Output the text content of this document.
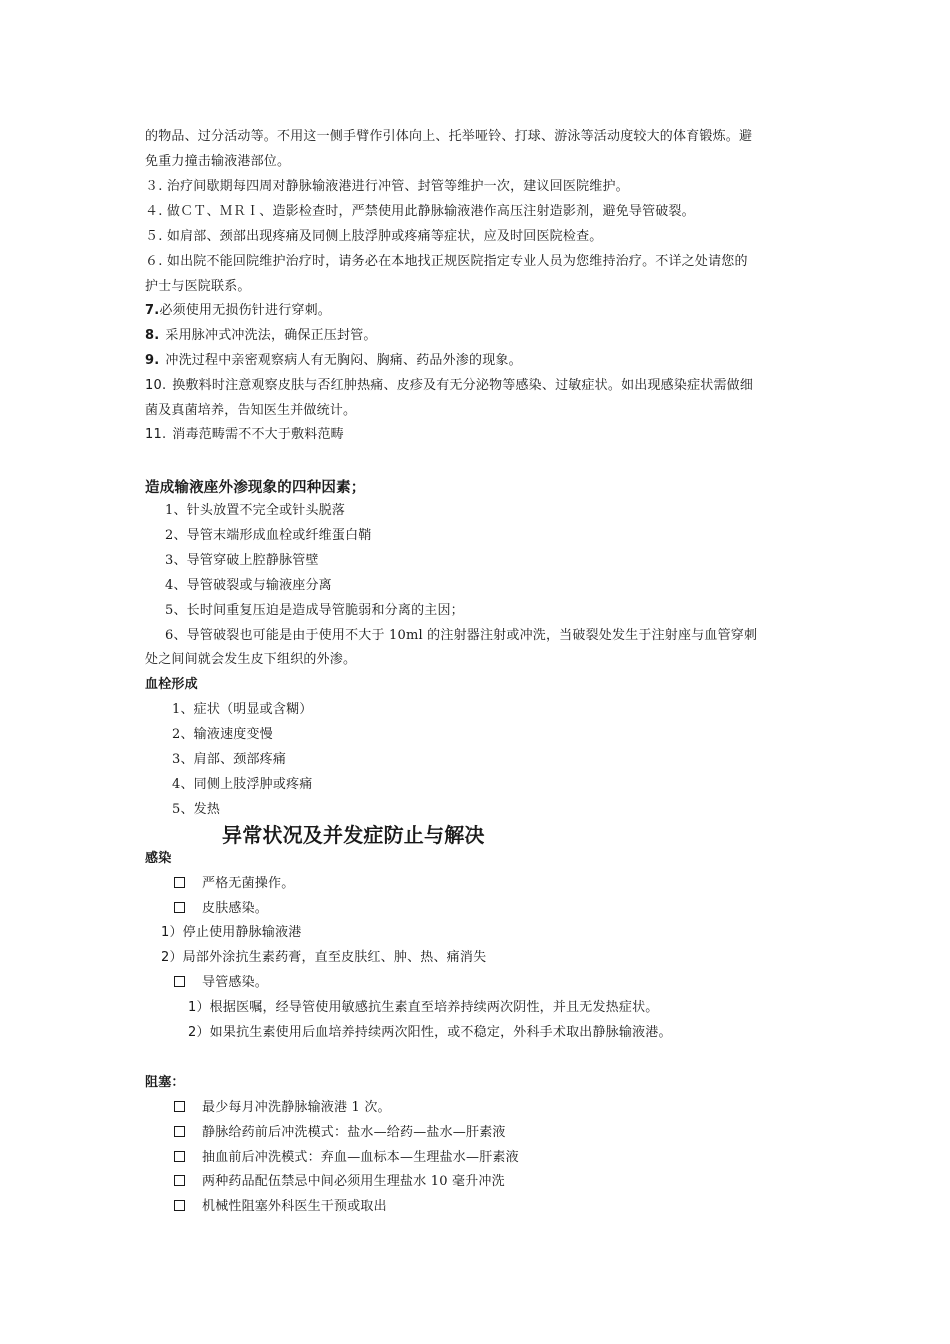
的物品、过分活动等。不用这一侧手臂作引体向上、托举哑铃、打球、游泳等活动度较大的体育锻炼。避
免重力撞击输液港部位。
３. 治疗间歇期每四周对静脉输液港进行冲管、封管等维护一次，建议回医院维护。
４. 做ＣＴ、ＭＲＩ、造影检查时，严禁使用此静脉输液港作高压注射造影剂，避免导管破裂。
５. 如肩部、颈部出现疼痛及同侧上肢浮肿或疼痛等症状，应及时回医院检查。
６. 如出院不能回院维护治疗时，请务必在本地找正规医院指定专业人员为您维持治疗。不详之处请您的
护士与医院联系。
7.必须使用无损伤针进行穿刺。
8. 采用脉冲式冲洗法，确保正压封管。
9. 冲洗过程中亲密观察病人有无胸闷、胸痛、药品外渗的现象。
10. 换敷料时注意观察皮肤与否红肿热痛、皮疹及有无分泌物等感染、过敏症状。如出现感染症状需做细
菌及真菌培养，告知医生并做统计。
11. 消毒范畴需不不大于敷料范畴
造成输液座外渗现象的四种因素；
1、针头放置不完全或针头脱落
2、导管末端形成血栓或纤维蛋白鞘
3、导管穿破上腔静脉管壁
4、导管破裂或与输液座分离
5、长时间重复压迫是造成导管脆弱和分离的主因；
6、导管破裂也可能是由于使用不大于 10ml 的注射器注射或冲洗，当破裂处发生于注射座与血管穿刺
处之间间就会发生皮下组织的外渗。
血栓形成
1、症状（明显或含糊）
2、输液速度变慢
3、肩部、颈部疼痛
4、同侧上肢浮肿或疼痛
5、发热
异常状况及并发症防止与解决
感染
严格无菌操作。
皮肤感染。
1）停止使用静脉输液港
2）局部外涂抗生素药膏，直至皮肤红、肿、热、痛消失
导管感染。
1）根据医嘱，经导管使用敏感抗生素直至培养持续两次阴性，并且无发热症状。
2）如果抗生素使用后血培养持续两次阳性，或不稳定，外科手术取出静脉输液港。
阻塞：
最少每月冲洗静脉输液港 1 次。
静脉给药前后冲洗模式：盐水—给药—盐水—肝素液
抽血前后冲洗模式：弃血—血标本—生理盐水—肝素液
两种药品配伍禁忌中间必须用生理盐水 10 毫升冲洗
机械性阻塞外科医生干预或取出
